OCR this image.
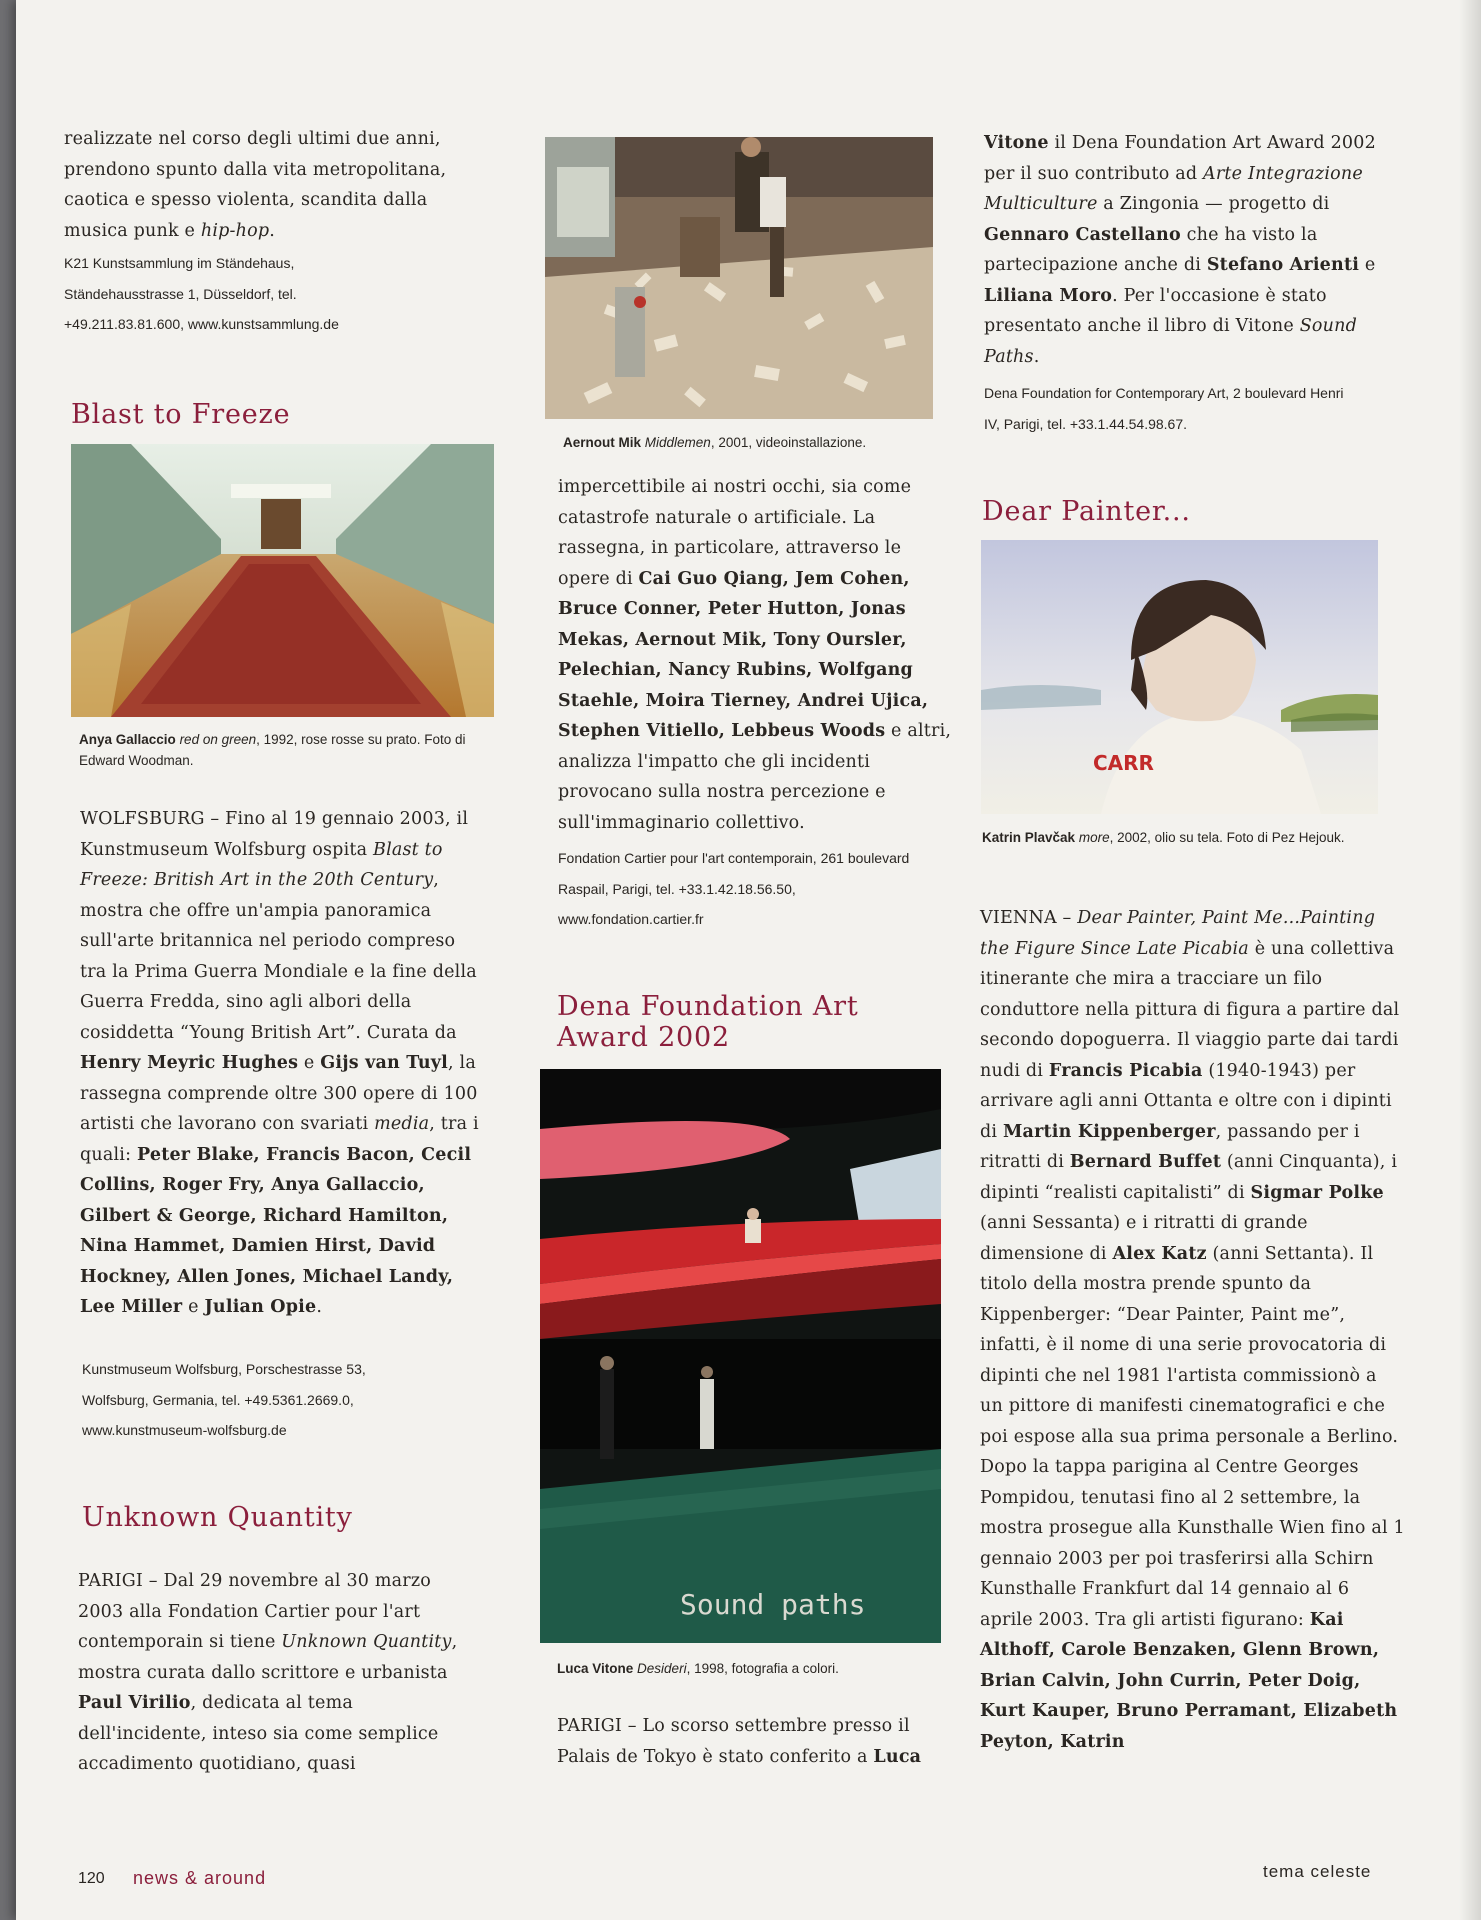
realizzate nel corso degli ultimi due anni, prendono spunto dalla vita metropolitana, caotica e spesso violenta, scandita dalla musica punk e hip-hop.

K21 Kunstsammlung im Ständehaus, Ständehausstrasse 1, Düsseldorf, tel. +49.211.83.81.600, www.kunstsammlung.de
Blast to Freeze
Anya Gallaccio red on green, 1992, rose rosse su prato. Foto di Edward Woodman.

WOLFSBURG – Fino al 19 gennaio 2003, il Kunstmuseum Wolfsburg ospita Blast to Freeze: British Art in the 20th Century, mostra che offre un'ampia panoramica sull'arte britannica nel periodo compreso tra la Prima Guerra Mondiale e la fine della Guerra Fredda, sino agli albori della cosiddetta “Young British Art”. Curata da Henry Meyric Hughes e Gijs van Tuyl, la rassegna comprende oltre 300 opere di 100 artisti che lavorano con svariati media, tra i quali: Peter Blake, Francis Bacon, Cecil Collins, Roger Fry, Anya Gallaccio, Gilbert & George, Richard Hamilton, Nina Hammet, Damien Hirst, David Hockney, Allen Jones, Michael Landy, Lee Miller e Julian Opie.

Kunstmuseum Wolfsburg, Porschestrasse 53, Wolfsburg, Germania, tel. +49.5361.2669.0, www.kunstmuseum-wolfsburg.de
Unknown Quantity

PARIGI – Dal 29 novembre al 30 marzo 2003 alla Fondation Cartier pour l'art contemporain si tiene Unknown Quantity, mostra curata dallo scrittore e urbanista Paul Virilio, dedicata al tema dell'incidente, inteso sia come semplice accadimento quotidiano, quasi

Aernout Mik Middlemen, 2001, videoinstallazione.

impercettibile ai nostri occhi, sia come catastrofe naturale o artificiale. La rassegna, in particolare, attraverso le opere di Cai Guo Qiang, Jem Cohen, Bruce Conner, Peter Hutton, Jonas Mekas, Aernout Mik, Tony Oursler, Pelechian, Nancy Rubins, Wolfgang Staehle, Moira Tierney, Andrei Ujica, Stephen Vitiello, Lebbeus Woods e altri, analizza l'impatto che gli incidenti provocano sulla nostra percezione e sull'immaginario collettivo.

Fondation Cartier pour l'art contemporain, 261 boulevard Raspail, Parigi, tel. +33.1.42.18.56.50, www.fondation.cartier.fr
Dena Foundation Art Award 2002
Sound paths
Luca Vitone Desideri, 1998, fotografia a colori.

PARIGI – Lo scorso settembre presso il Palais de Tokyo è stato conferito a Luca

Vitone il Dena Foundation Art Award 2002 per il suo contributo ad Arte Integrazione Multiculture a Zingonia — progetto di Gennaro Castellano che ha visto la partecipazione anche di Stefano Arienti e Liliana Moro. Per l'occasione è stato presentato anche il libro di Vitone Sound Paths.

Dena Foundation for Contemporary Art, 2 boulevard Henri IV, Parigi, tel. +33.1.44.54.98.67.
Dear Painter...
CARR
Katrin Plavčak more, 2002, olio su tela. Foto di Pez Hejouk.

VIENNA – Dear Painter, Paint Me...Painting the Figure Since Late Picabia è una collettiva itinerante che mira a tracciare un filo conduttore nella pittura di figura a partire dal secondo dopoguerra. Il viaggio parte dai tardi nudi di Francis Picabia (1940-1943) per arrivare agli anni Ottanta e oltre con i dipinti di Martin Kippenberger, passando per i ritratti di Bernard Buffet (anni Cinquanta), i dipinti “realisti capitalisti” di Sigmar Polke (anni Sessanta) e i ritratti di grande dimensione di Alex Katz (anni Settanta). Il titolo della mostra prende spunto da Kippenberger: “Dear Painter, Paint me”, infatti, è il nome di una serie provocatoria di dipinti che nel 1981 l'artista commissionò a un pittore di manifesti cinematografici e che poi espose alla sua prima personale a Berlino. Dopo la tappa parigina al Centre Georges Pompidou, tenutasi fino al 2 settembre, la mostra prosegue alla Kunsthalle Wien fino al 1 gennaio 2003 per poi trasferirsi alla Schirn Kunsthalle Frankfurt dal 14 gennaio al 6 aprile 2003. Tra gli artisti figurano: Kai Althoff, Carole Benzaken, Glenn Brown, Brian Calvin, John Currin, Peter Doig, Kurt Kauper, Bruno Perramant, Elizabeth Peyton, Katrin

120 news & around	tema celeste
